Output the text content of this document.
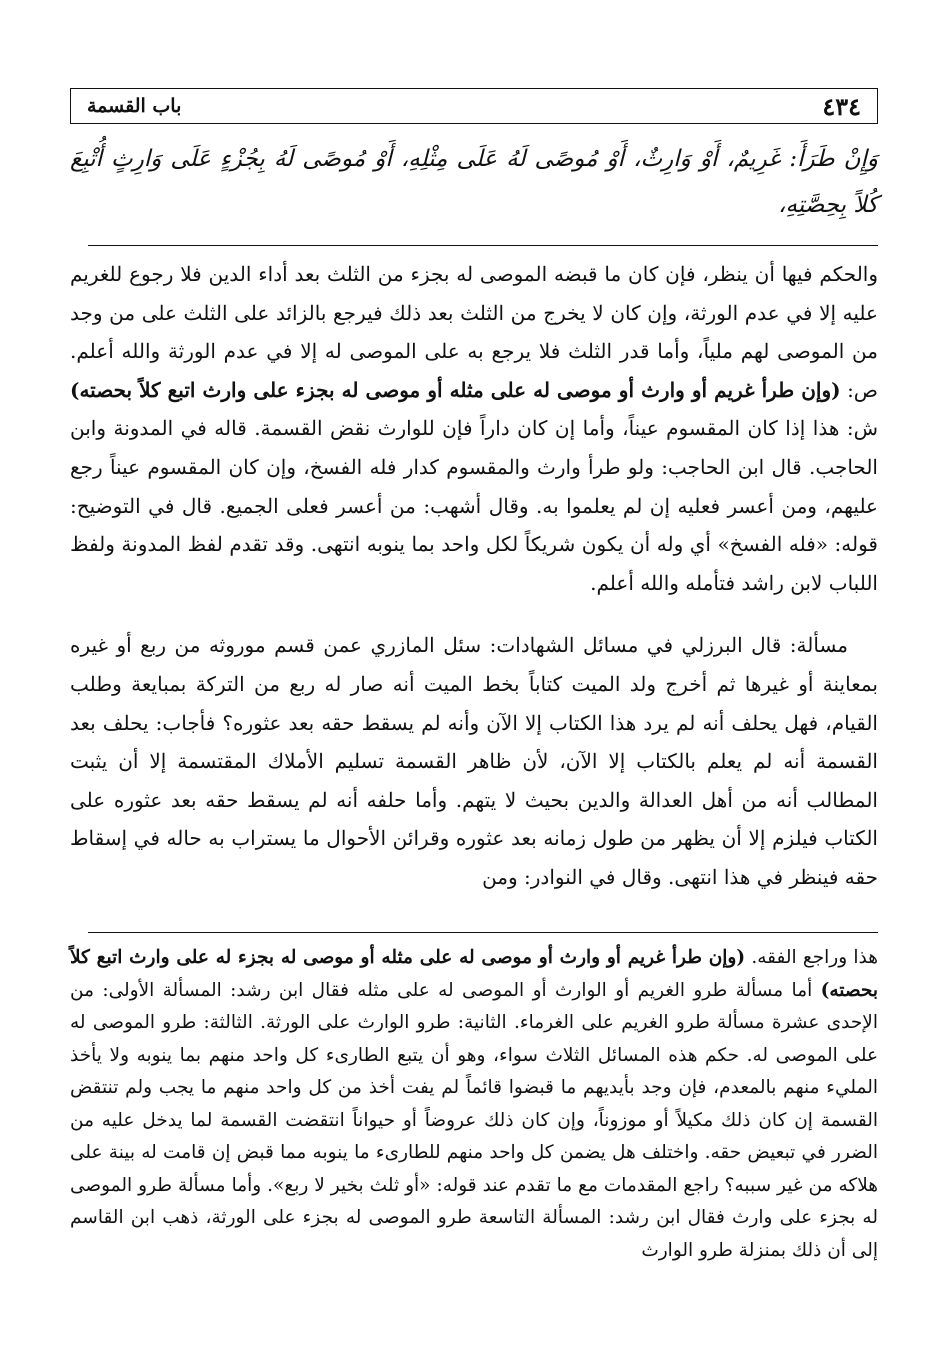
٤٣٤
باب القسمة
وَإِنْ طَرَأَ: غَرِيمٌ، أَوْ وَارِثٌ، أَوْ مُوصًى لَهُ عَلَى مِثْلِهِ، أَوْ مُوصًى لَهُ بِجُزْءٍ عَلَى وَارِثٍ أُتْبِعَ كُلاً بِحِصَّتِهِ،

والحكم فيها أن ينظر، فإن كان ما قبضه الموصى له بجزء من الثلث بعد أداء الدين فلا رجوع للغريم عليه إلا في عدم الورثة، وإن كان لا يخرج من الثلث بعد ذلك فيرجع بالزائد على الثلث على من وجد من الموصى لهم ملياً، وأما قدر الثلث فلا يرجع به على الموصى له إلا في عدم الورثة والله أعلم. ص: (وإن طرأ غريم أو وارث أو موصى له على مثله أو موصى له بجزء على وارث اتبع كلاً بحصته) ش: هذا إذا كان المقسوم عيناً، وأما إن كان داراً فإن للوارث نقض القسمة. قاله في المدونة وابن الحاجب. قال ابن الحاجب: ولو طرأ وارث والمقسوم كدار فله الفسخ، وإن كان المقسوم عيناً رجع عليهم، ومن أعسر فعليه إن لم يعلموا به. وقال أشهب: من أعسر فعلى الجميع. قال في التوضيح: قوله: «فله الفسخ» أي وله أن يكون شريكاً لكل واحد بما ينوبه انتهى. وقد تقدم لفظ المدونة ولفظ اللباب لابن راشد فتأمله والله أعلم.

مسألة: قال البرزلي في مسائل الشهادات: سئل المازري عمن قسم موروثه من ربع أو غيره بمعاينة أو غيرها ثم أخرج ولد الميت كتاباً بخط الميت أنه صار له ربع من التركة بمبايعة وطلب القيام، فهل يحلف أنه لم يرد هذا الكتاب إلا الآن وأنه لم يسقط حقه بعد عثوره؟ فأجاب: يحلف بعد القسمة أنه لم يعلم بالكتاب إلا الآن، لأن ظاهر القسمة تسليم الأملاك المقتسمة إلا أن يثبت المطالب أنه من أهل العدالة والدين بحيث لا يتهم. وأما حلفه أنه لم يسقط حقه بعد عثوره على الكتاب فيلزم إلا أن يظهر من طول زمانه بعد عثوره وقرائن الأحوال ما يستراب به حاله في إسقاط حقه فينظر في هذا انتهى. وقال في النوادر: ومن

هذا وراجع الفقه. (وإن طرأ غريم أو وارث أو موصى له على مثله أو موصى له بجزء له على وارث اتبع كلاً بحصته) أما مسألة طرو الغريم أو الوارث أو الموصى له على مثله فقال ابن رشد: المسألة الأولى: من الإحدى عشرة مسألة طرو الغريم على الغرماء. الثانية: طرو الوارث على الورثة. الثالثة: طرو الموصى له على الموصى له. حكم هذه المسائل الثلاث سواء، وهو أن يتبع الطارىء كل واحد منهم بما ينوبه ولا يأخذ المليء منهم بالمعدم، فإن وجد بأيديهم ما قبضوا قائماً لم يفت أخذ من كل واحد منهم ما يجب ولم تنتقض القسمة إن كان ذلك مكيلاً أو موزوناً، وإن كان ذلك عروضاً أو حيواناً انتقضت القسمة لما يدخل عليه من الضرر في تبعيض حقه. واختلف هل يضمن كل واحد منهم للطارىء ما ينوبه مما قبض إن قامت له بينة على هلاكه من غير سببه؟ راجع المقدمات مع ما تقدم عند قوله: «أو ثلث بخير لا ربع». وأما مسألة طرو الموصى له بجزء على وارث فقال ابن رشد: المسألة التاسعة طرو الموصى له بجزء على الورثة، ذهب ابن القاسم إلى أن ذلك بمنزلة طرو الوارث
